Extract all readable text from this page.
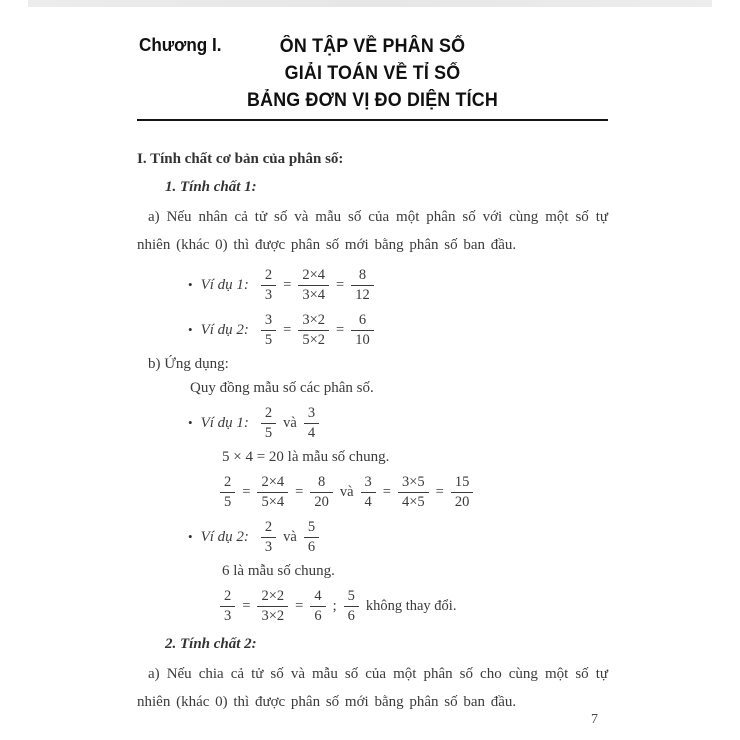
Chương I.	ÔN TẬP VỀ PHÂN SỐ
GIẢI TOÁN VỀ TỈ SỐ
BẢNG ĐƠN VỊ ĐO DIỆN TÍCH

I. Tính chất cơ bản của phân số:

1. Tính chất 1:

a) Nếu nhân cả tử số và mẫu số của một phân số với cùng một số tự nhiên (khác 0) thì được phân số mới bằng phân số ban đầu.

• Ví dụ 1: $\frac{2}{3} = \frac{2\times 4}{3\times 4} = \frac{8}{12}$
• Ví dụ 2: $\frac{3}{5} = \frac{3\times 2}{5\times 2} = \frac{6}{10}$

b) Ứng dụng:

Quy đồng mẫu số các phân số.

• Ví dụ 1: $\frac{2}{5}$ và $\frac{3}{4}$

5 × 4 = 20 là mẫu số chung.

$\frac{2}{5} = \frac{2\times 4}{5\times 4} = \frac{8}{20}$ và $\frac{3}{4} = \frac{3\times 5}{4\times 5} = \frac{15}{20}$
• Ví dụ 2: $\frac{2}{3}$ và $\frac{5}{6}$

6 là mẫu số chung.

$\frac{2}{3} = \frac{2\times 2}{3\times 2} = \frac{4}{6}$ ; $\frac{5}{6}$ không thay đổi.

2. Tính chất 2:

a) Nếu chia cả tử số và mẫu số của một phân số cho cùng một số tự nhiên (khác 0) thì được phân số mới bằng phân số ban đầu.

7
